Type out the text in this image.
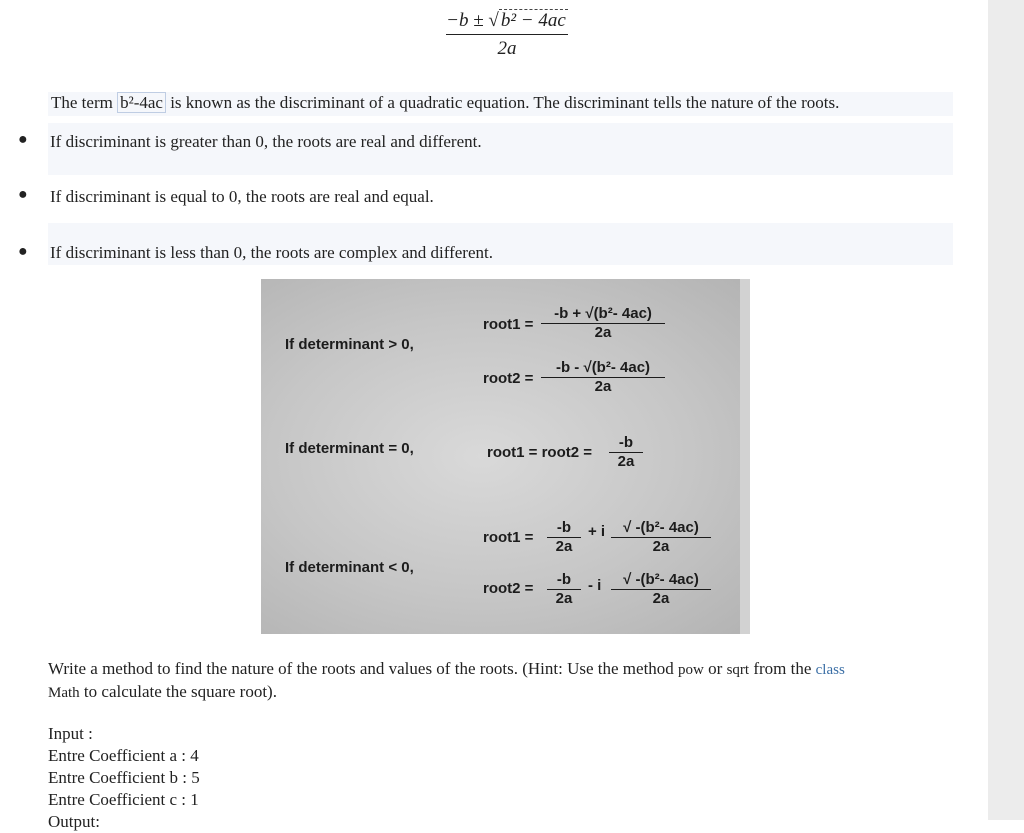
$\frac{\text{−b ± √ b² − 4ac}}{2a}$
The term b²-4ac is known as the discriminant of a quadratic equation. The discriminant tells the nature of the roots.
● If discriminant is greater than 0, the roots are real and different.
● If discriminant is equal to 0, the roots are real and equal.
● If discriminant is less than 0, the roots are complex and different.
If determinant > 0,
root1 = $\frac{\text{-b + √(b²- 4ac)}}{2a}$
root2 = $\frac{\text{-b - √(b²- 4ac)}}{2a}$
If determinant = 0,	root1 = root2 = $\frac{-b}{2a}$
If determinant < 0,
root1 = $\frac{-b}{2a} + i \frac{\text{√ -(b²- 4ac)}}{2a}$
root2 = $\frac{-b}{2a}$ - i $\frac{\text{√ -(b²- 4ac)}}{2a}$
Write a method to find the nature of the roots and values of the roots. (Hint: Use the method pow or sqrt from the class
Math to calculate the square root).
Input :
Entre Coefficient a : 4
Entre Coefficient b : 5
Entre Coefficient c : 1
Output:
